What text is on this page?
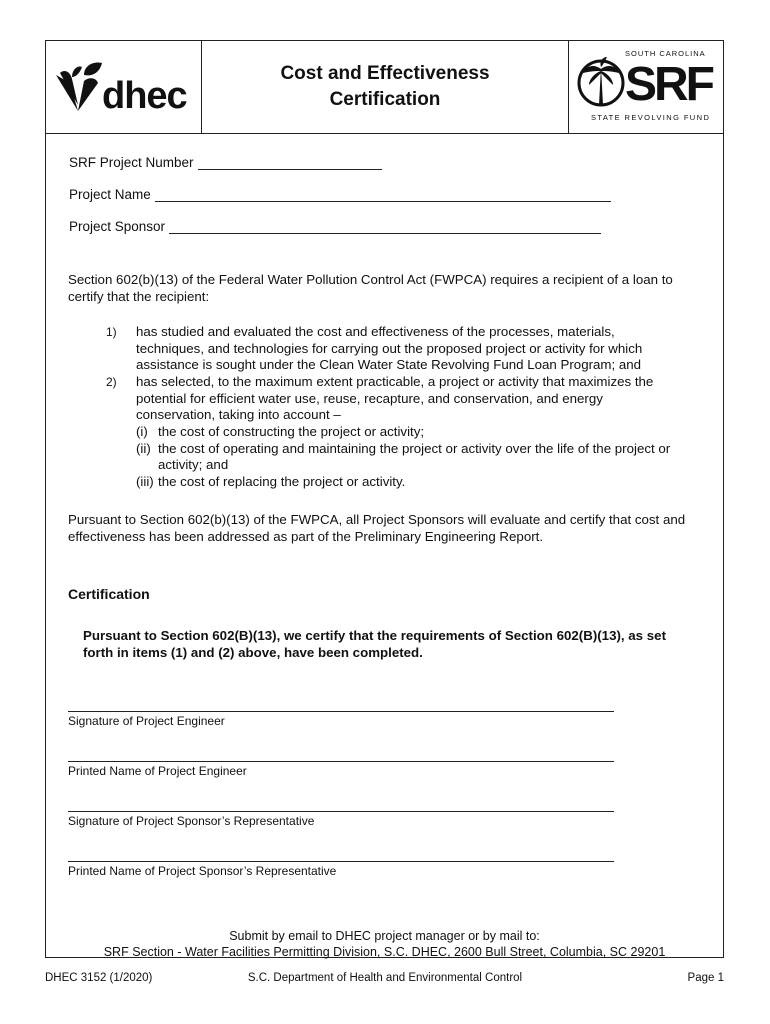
dhec
Cost and Effectiveness
Certification
SOUTH CAROLINA
SRF
STATE REVOLVING FUND
SRF Project Number
Project Name
Project Sponsor
Section 602(b)(13) of the Federal Water Pollution Control Act (FWPCA) requires a recipient of a loan to certify that the recipient:
1) has studied and evaluated the cost and effectiveness of the processes, materials, techniques, and technologies for carrying out the proposed project or activity for which assistance is sought under the Clean Water State Revolving Fund Loan Program; and
2) has selected, to the maximum extent practicable, a project or activity that maximizes the potential for efficient water use, reuse, recapture, and conservation, and energy conservation, taking into account –
(i) the cost of constructing the project or activity;
(ii) the cost of operating and maintaining the project or activity over the life of the project or activity; and
(iii) the cost of replacing the project or activity.
Pursuant to Section 602(b)(13) of the FWPCA, all Project Sponsors will evaluate and certify that cost and effectiveness has been addressed as part of the Preliminary Engineering Report.
Certification
Pursuant to Section 602(B)(13), we certify that the requirements of Section 602(B)(13), as set forth in items (1) and (2) above, have been completed.
Signature of Project Engineer
Printed Name of Project Engineer
Signature of Project Sponsor’s Representative
Printed Name of Project Sponsor’s Representative
Submit by email to DHEC project manager or by mail to:
SRF Section - Water Facilities Permitting Division, S.C. DHEC, 2600 Bull Street, Columbia, SC 29201
DHEC 3152 (1/2020)	S.C. Department of Health and Environmental Control	Page 1
